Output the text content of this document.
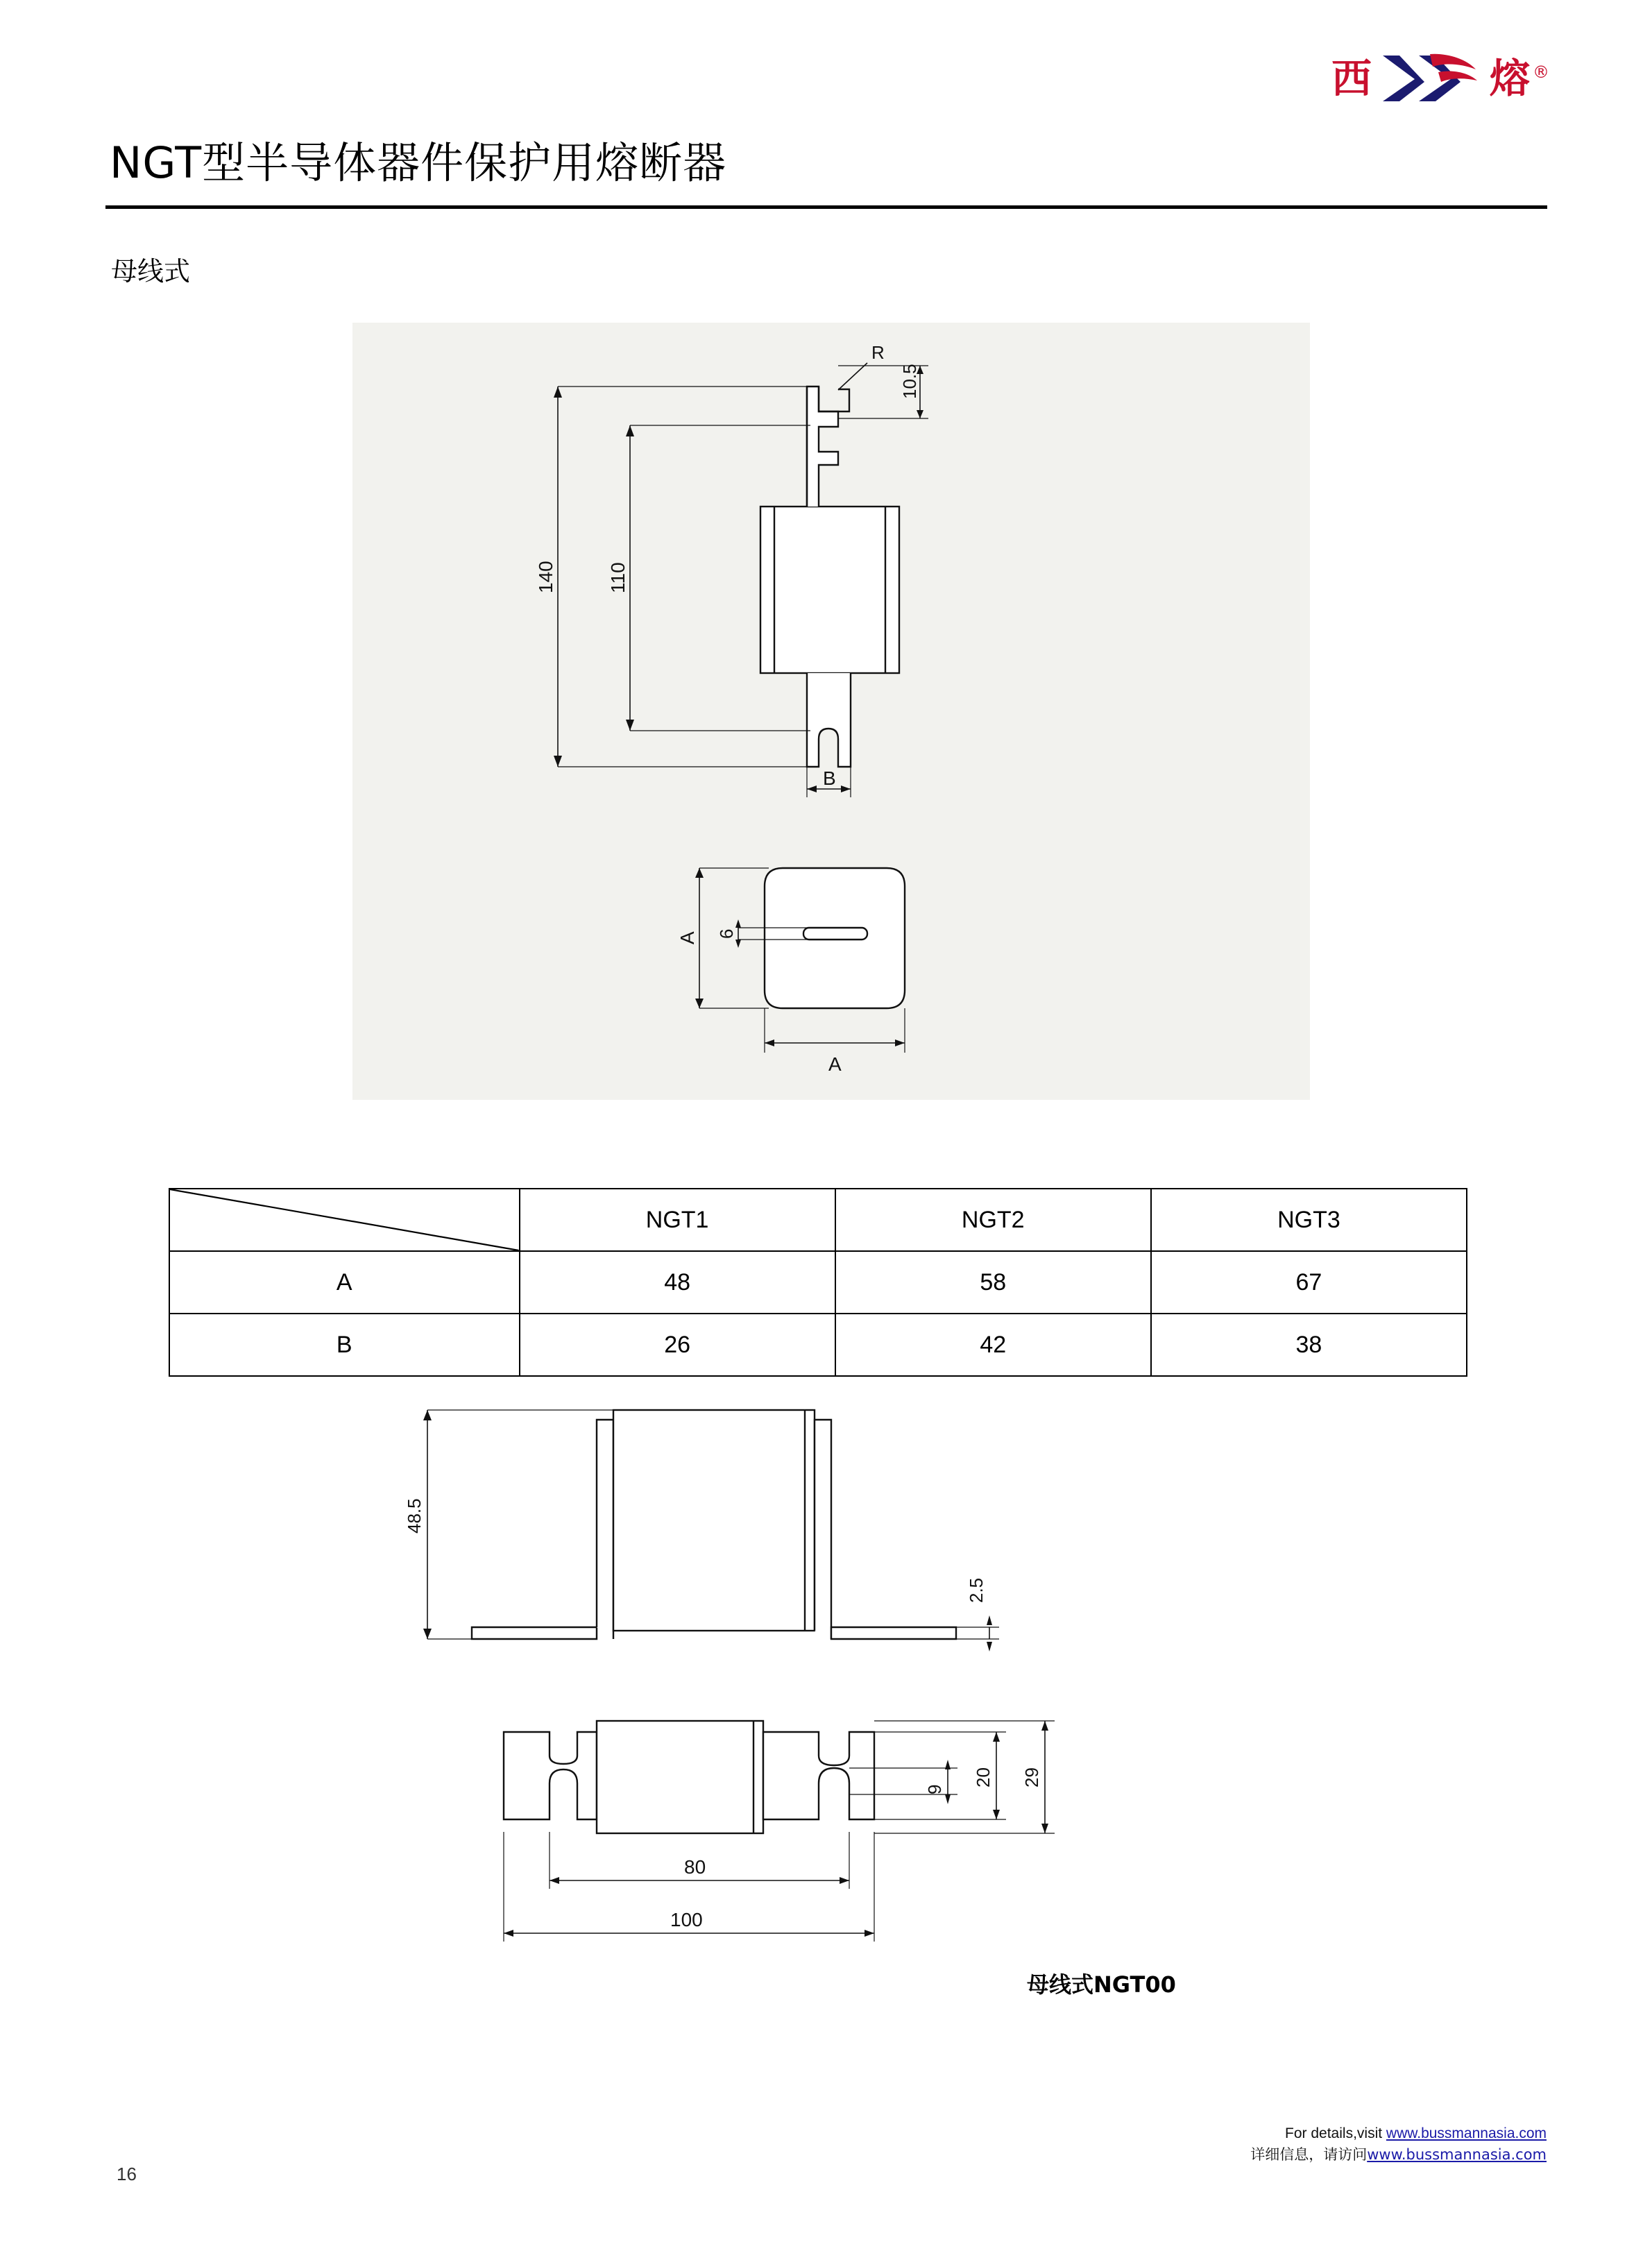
西	熔 ®
NGT型半导体器件保护用熔断器
母线式
R
10.5
140	110
B
A 6
A
	NGT1	NGT2	NGT3
A	48	58	67
B	26	42	38
48.5
2.5
9
20 29
80
100
母线式NGT00
For details,visit www.bussmannasia.com
详细信息，请访问www.bussmannasia.com
16
